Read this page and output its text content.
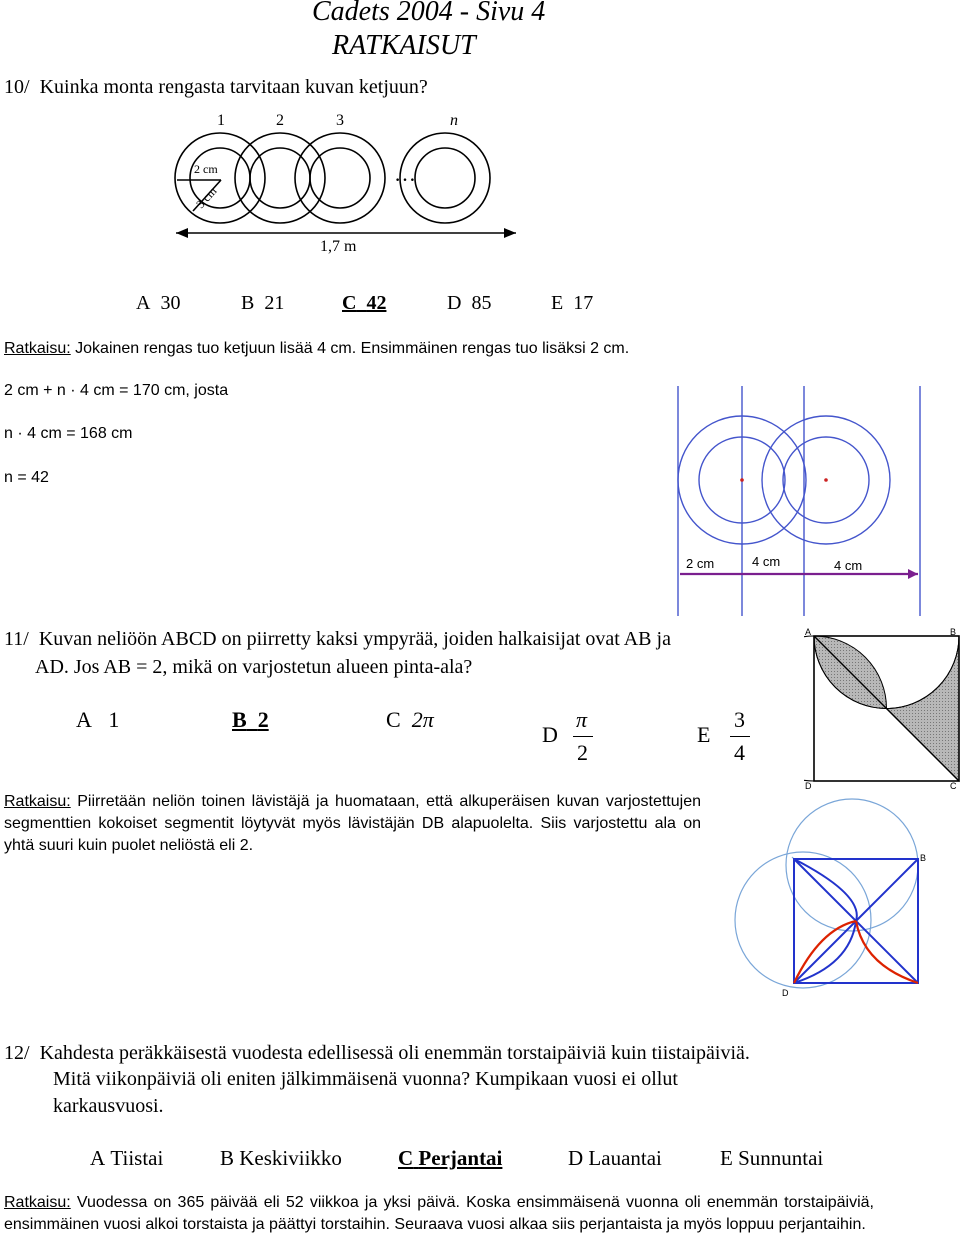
Cadets 2004 - Sivu 4
RATKAISUT
10/ Kuinka monta rengasta tarvitaan kuvan ketjuun?
1	2	3	n
2 cm
3 cm
…
1,7 m
A 30	B 21	C 42	D 85	E 17
Ratkaisu: Jokainen rengas tuo ketjuun lisää 4 cm. Ensimmäinen rengas tuo lisäksi 2 cm.
2 cm + n · 4 cm = 170 cm, josta
n · 4 cm = 168 cm
n = 42
2 cm	4 cm	4 cm
11/ Kuvan neliöön ABCD on piirretty kaksi ympyrää, joiden halkaisijat ovat AB ja
AD. Jos AB = 2, mikä on varjostetun alueen pinta-ala?
A 1	B 2	C 2π
D
π
2
E
3
4
A	B
C
D
Ratkaisu: Piirretään neliön toinen lävistäjä ja huomataan, että alkuperäisen kuvan varjostettujen segmenttien kokoiset segmentit löytyvät myös lävistäjän DB alapuolelta. Siis varjostettu ala on yhtä suuri kuin puolet neliöstä eli 2.
B
D
12/ Kahdesta peräkkäisestä vuodesta edellisessä oli enemmän torstaipäiviä kuin tiistaipäiviä.
Mitä viikonpäiviä oli eniten jälkimmäisenä vuonna? Kumpikaan vuosi ei ollut
karkausvuosi.
A Tiistai	B Keskiviikko	C Perjantai	D Lauantai	E Sunnuntai
Ratkaisu: Vuodessa on 365 päivää eli 52 viikkoa ja yksi päivä. Koska ensimmäisenä vuonna oli enemmän torstaipäiviä, ensimmäinen vuosi alkoi torstaista ja päättyi torstaihin. Seuraava vuosi alkaa siis perjantaista ja myös loppuu perjantaihin.
